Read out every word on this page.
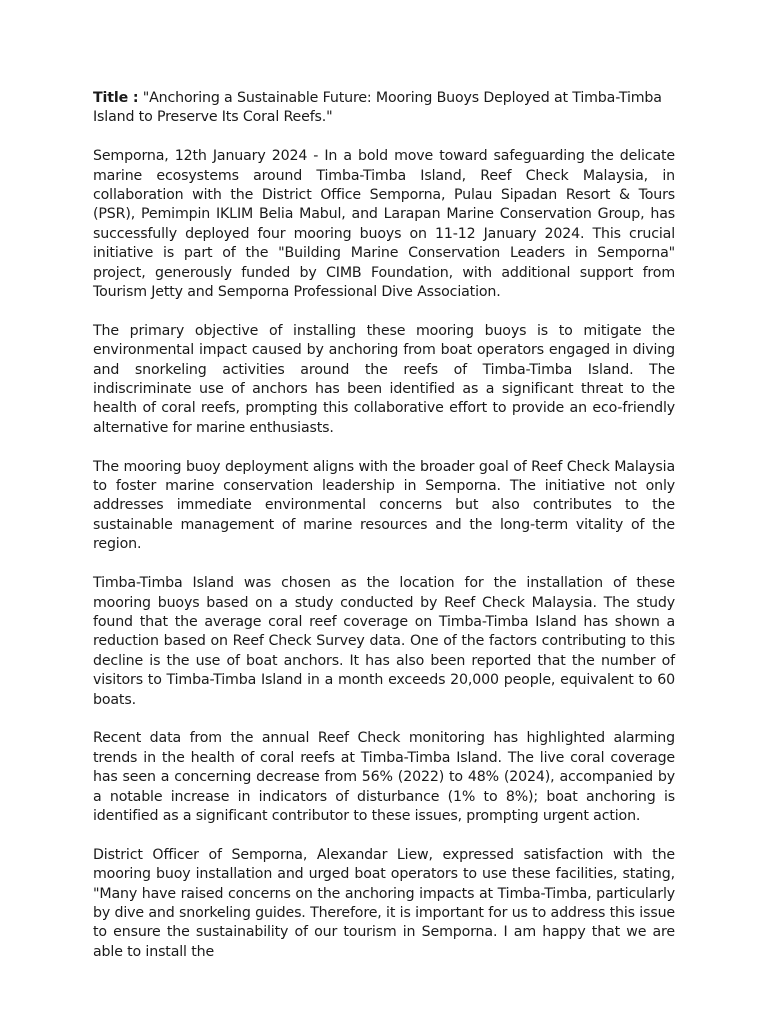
Title : "Anchoring a Sustainable Future: Mooring Buoys Deployed at Timba-Timba Island to Preserve Its Coral Reefs."

Semporna, 12th January 2024 - In a bold move toward safeguarding the delicate marine ecosystems around Timba-Timba Island, Reef Check Malaysia, in collaboration with the District Office Semporna, Pulau Sipadan Resort & Tours (PSR), Pemimpin IKLIM Belia Mabul, and Larapan Marine Conservation Group, has successfully deployed four mooring buoys on 11-12 January 2024. This crucial initiative is part of the "Building Marine Conservation Leaders in Semporna" project, generously funded by CIMB Foundation, with additional support from Tourism Jetty and Semporna Professional Dive Association.

The primary objective of installing these mooring buoys is to mitigate the environmental impact caused by anchoring from boat operators engaged in diving and snorkeling activities around the reefs of Timba-Timba Island. The indiscriminate use of anchors has been identified as a significant threat to the health of coral reefs, prompting this collaborative effort to provide an eco-friendly alternative for marine enthusiasts.

The mooring buoy deployment aligns with the broader goal of Reef Check Malaysia to foster marine conservation leadership in Semporna. The initiative not only addresses immediate environmental concerns but also contributes to the sustainable management of marine resources and the long-term vitality of the region.

Timba-Timba Island was chosen as the location for the installation of these mooring buoys based on a study conducted by Reef Check Malaysia. The study found that the average coral reef coverage on Timba-Timba Island has shown a reduction based on Reef Check Survey data. One of the factors contributing to this decline is the use of boat anchors. It has also been reported that the number of visitors to Timba-Timba Island in a month exceeds 20,000 people, equivalent to 60 boats.

Recent data from the annual Reef Check monitoring has highlighted alarming trends in the health of coral reefs at Timba-Timba Island. The live coral coverage has seen a concerning decrease from 56% (2022) to 48% (2024), accompanied by a notable increase in indicators of disturbance (1% to 8%); boat anchoring is identified as a significant contributor to these issues, prompting urgent action.

District Officer of Semporna, Alexandar Liew, expressed satisfaction with the mooring buoy installation and urged boat operators to use these facilities, stating, "Many have raised concerns on the anchoring impacts at Timba-Timba, particularly by dive and snorkeling guides. Therefore, it is important for us to address this issue to ensure the sustainability of our tourism in Semporna. I am happy that we are able to install the
